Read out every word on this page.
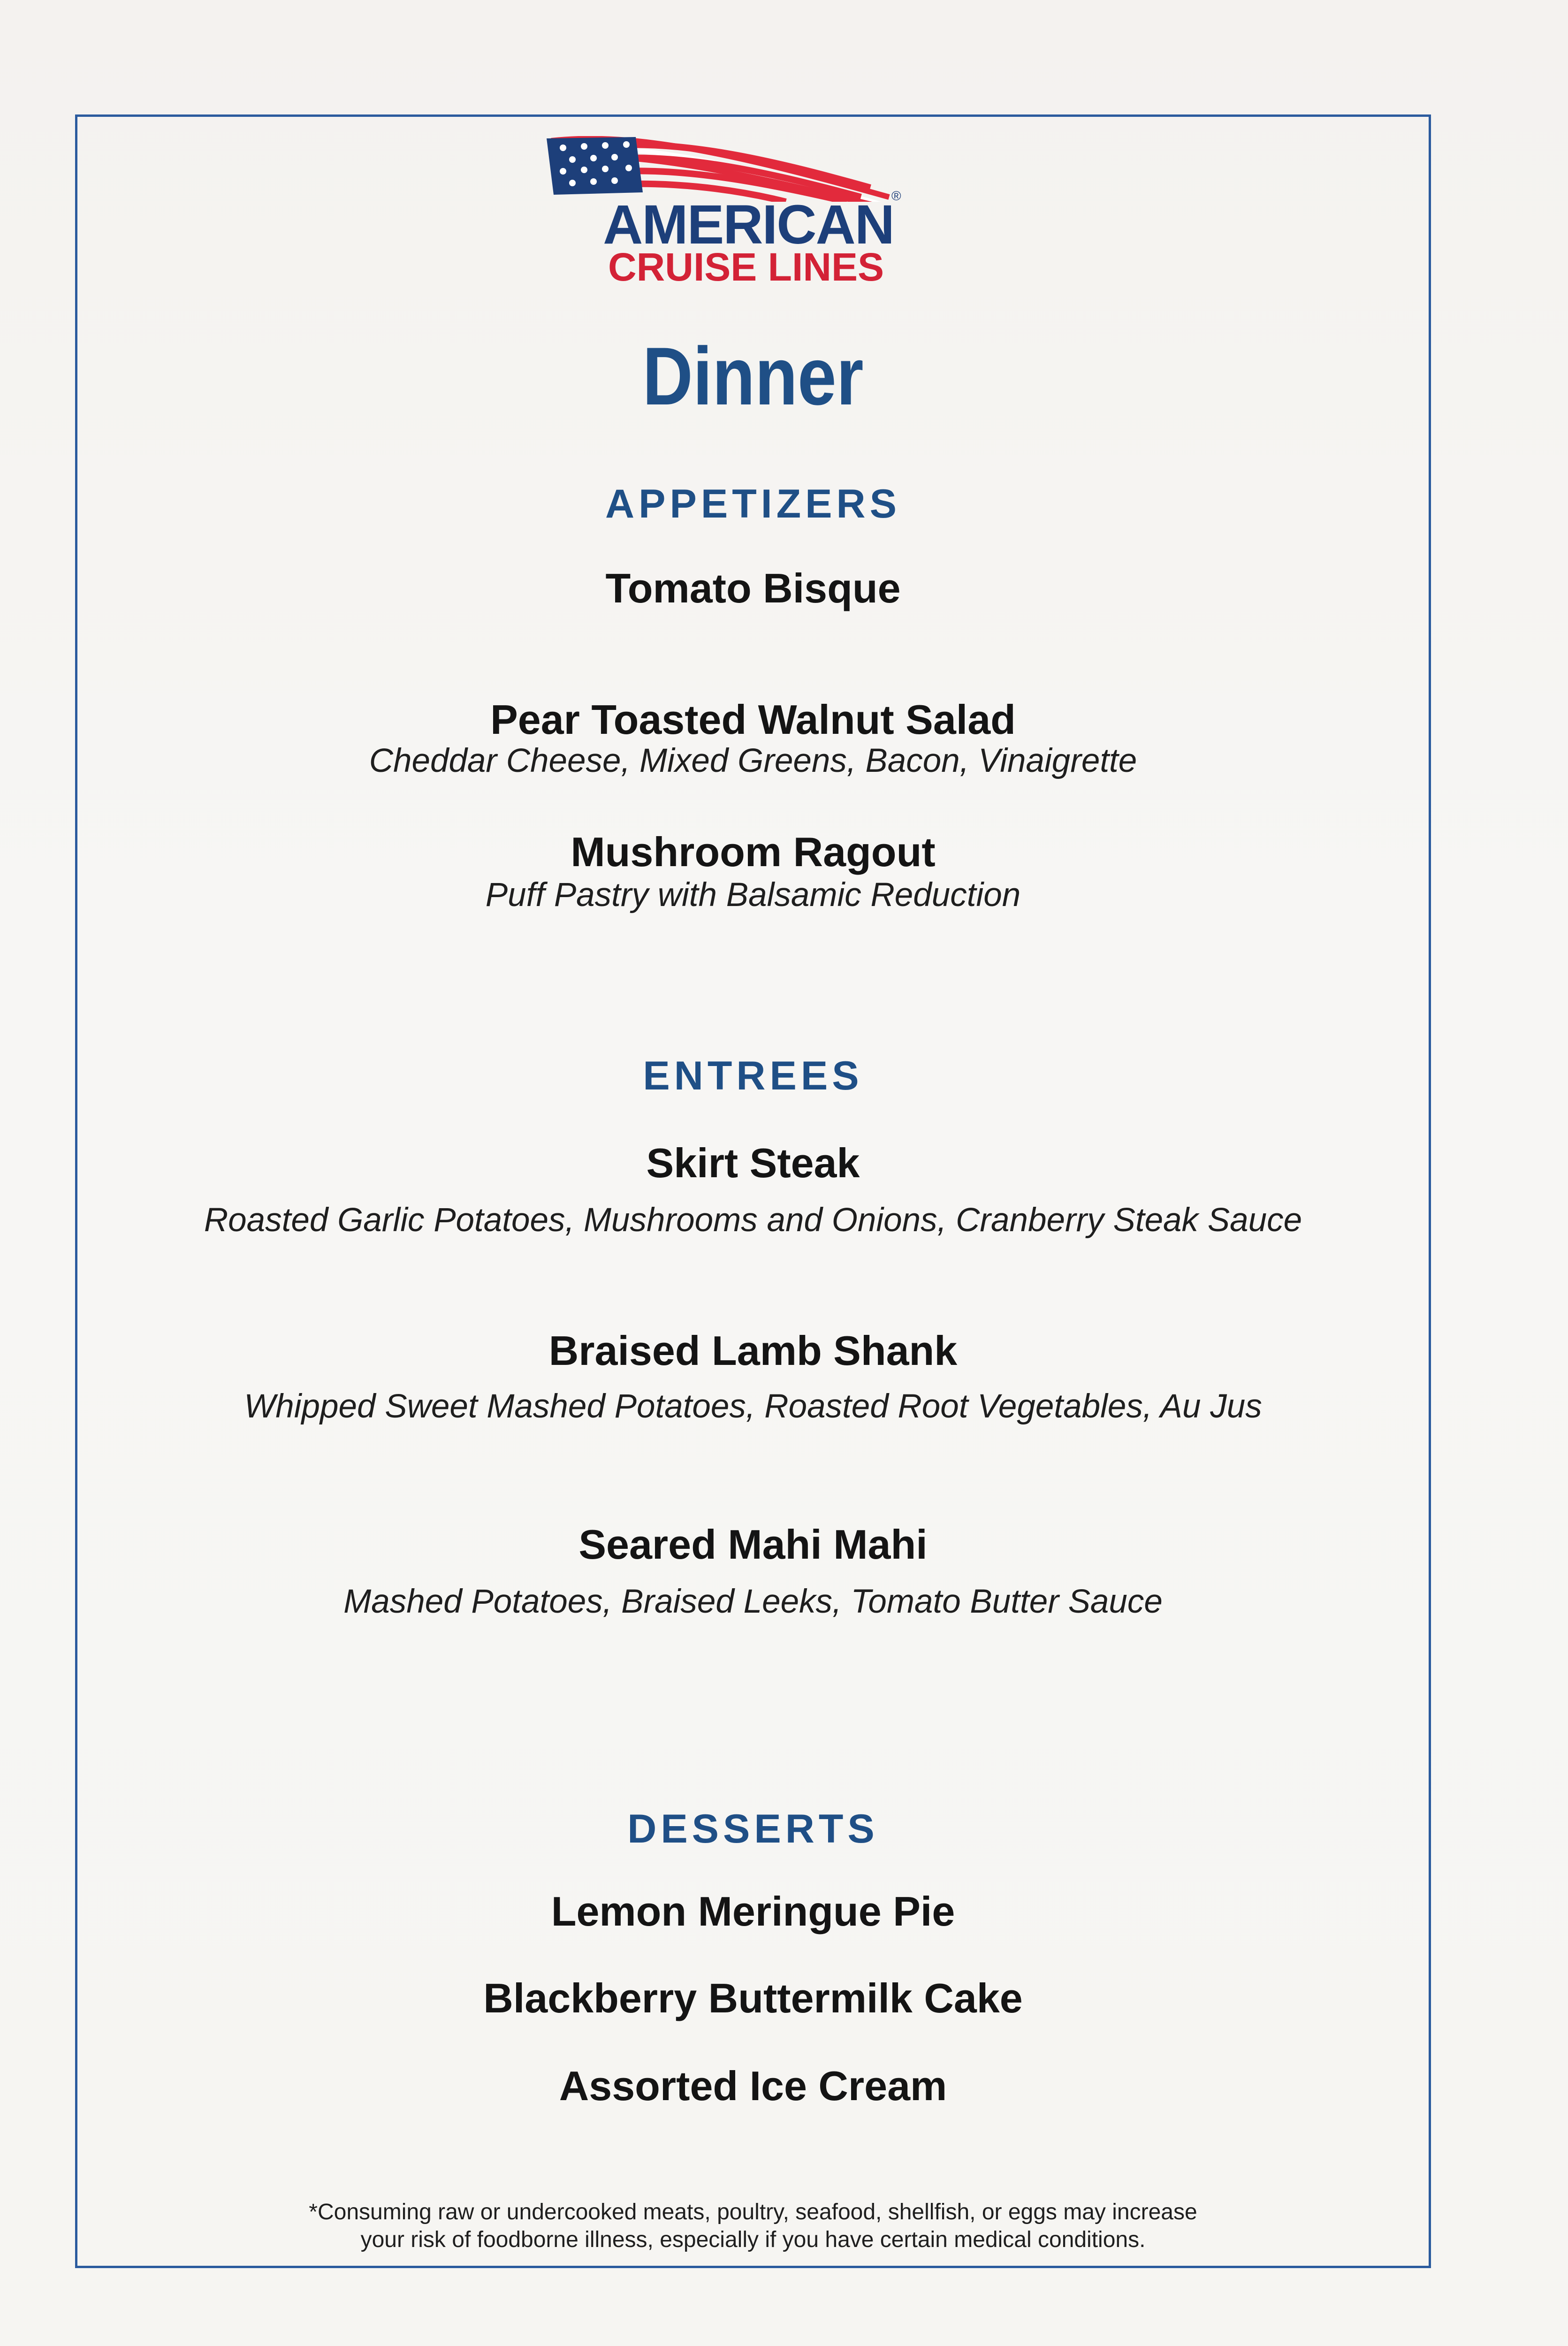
AMERICAN
®
CRUISE LINES
Dinner
APPETIZERS
Tomato Bisque
Pear Toasted Walnut Salad
Cheddar Cheese, Mixed Greens, Bacon, Vinaigrette
Mushroom Ragout
Puff Pastry with Balsamic Reduction
ENTREES
Skirt Steak
Roasted Garlic Potatoes, Mushrooms and Onions, Cranberry Steak Sauce
Braised Lamb Shank
Whipped Sweet Mashed Potatoes, Roasted Root Vegetables, Au Jus
Seared Mahi Mahi
Mashed Potatoes, Braised Leeks, Tomato Butter Sauce
DESSERTS
Lemon Meringue Pie
Blackberry Buttermilk Cake
Assorted Ice Cream
*Consuming raw or undercooked meats, poultry, seafood, shellfish, or eggs may increase
your risk of foodborne illness, especially if you have certain medical conditions.
